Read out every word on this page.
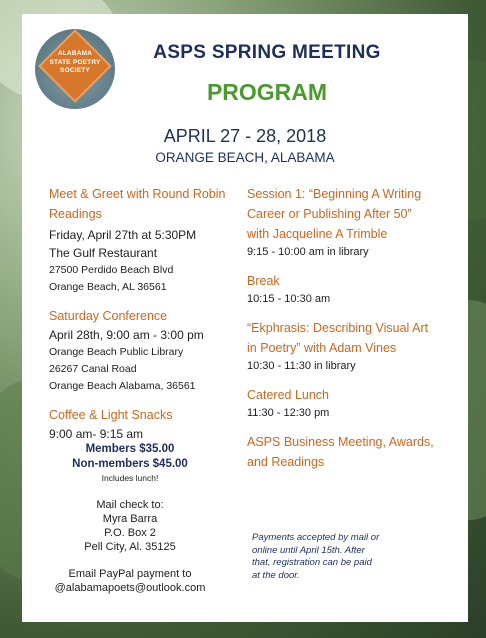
ALABAMA
STATE POETRY
SOCIETY
ASPS SPRING MEETING
PROGRAM
APRIL 27 - 28, 2018
ORANGE BEACH, ALABAMA
Meet & Greet with Round Robin
Readings
Friday, April 27th at 5:30PM
The Gulf Restaurant
27500 Perdido Beach Blvd
Orange Beach, AL 36561
Saturday Conference
April 28th, 9:00 am - 3:00 pm
Orange Beach Public Library
26267 Canal Road
Orange Beach Alabama, 36561
Coffee & Light Snacks
9:00 am- 9:15 am
Members $35.00
Non-members $45.00
Includes lunch!
Mail check to:
Myra Barra
P.O. Box 2
Pell City, Al. 35125
Email PayPal payment to
@alabamapoets@outlook.com
Session 1: “Beginning A Writing
Career or Publishing After 50”
with Jacqueline A Trimble
9:15 - 10:00 am in library
Break
10:15 - 10:30 am
“Ekphrasis: Describing Visual Art
in Poetry” with Adam Vines
10:30 - 11:30 in library
Catered Lunch
11:30 - 12:30 pm
ASPS Business Meeting, Awards,
and Readings
Payments accepted by mail or
online until April 15th. After
that, registration can be paid
at the door.
